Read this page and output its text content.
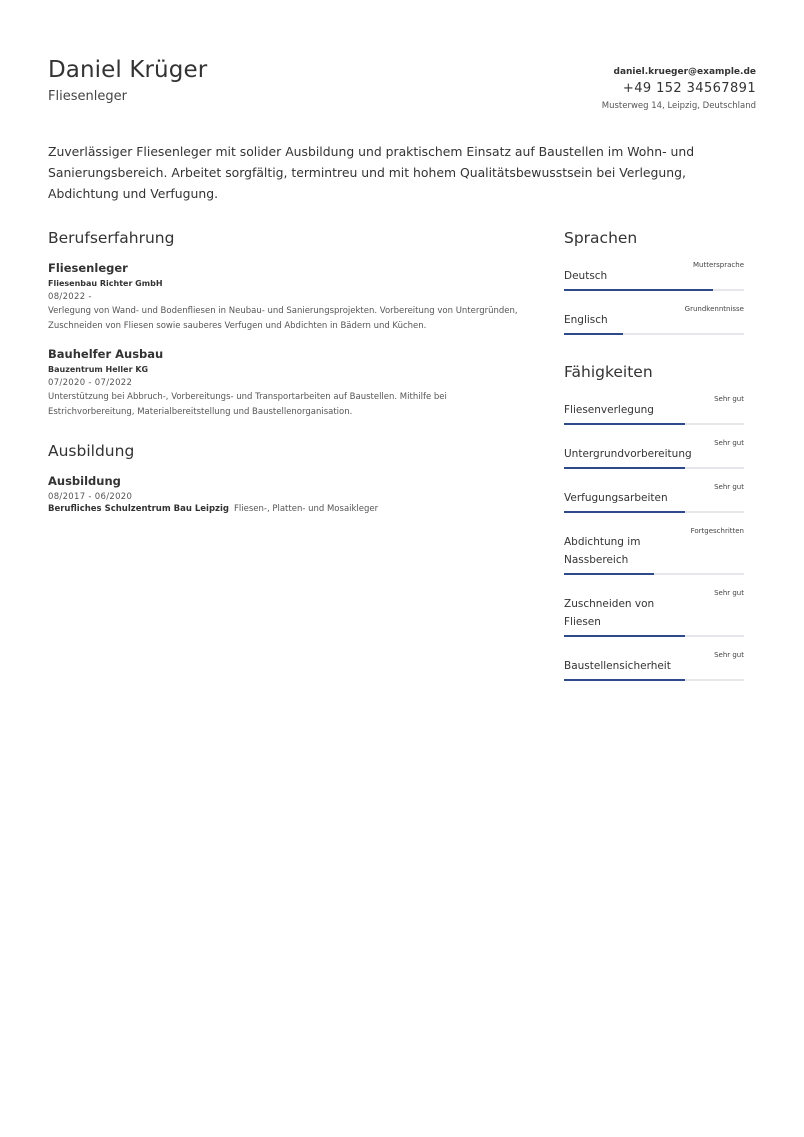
Daniel Krüger
Fliesenleger
daniel.krueger@example.de
+49 152 34567891
Musterweg 14, Leipzig, Deutschland
Zuverlässiger Fliesenleger mit solider Ausbildung und praktischem Einsatz auf Baustellen im Wohn- und Sanierungsbereich. Arbeitet sorgfältig, termintreu und mit hohem Qualitätsbewusstsein bei Verlegung, Abdichtung und Verfugung.
Berufserfahrung
Fliesenleger
Fliesenbau Richter GmbH
08/2022 -
Verlegung von Wand- und Bodenfliesen in Neubau- und Sanierungsprojekten. Vorbereitung von Untergründen, Zuschneiden von Fliesen sowie sauberes Verfugen und Abdichten in Bädern und Küchen.
Bauhelfer Ausbau
Bauzentrum Heller KG
07/2020 - 07/2022
Unterstützung bei Abbruch-, Vorbereitungs- und Transportarbeiten auf Baustellen. Mithilfe bei Estrichvorbereitung, Materialbereitstellung und Baustellenorganisation.
Ausbildung
Ausbildung
08/2017 - 06/2020
Berufliches Schulzentrum Bau Leipzig Fliesen-, Platten- und Mosaikleger
Sprachen
Deutsch
Muttersprache
Englisch
Grundkenntnisse
Fähigkeiten
Fliesenverlegung
Sehr gut
Untergrundvorbereitung
Sehr gut
Verfugungsarbeiten
Sehr gut
Abdichtung im Nassbereich
Fortgeschritten
Zuschneiden von Fliesen
Sehr gut
Baustellensicherheit
Sehr gut
